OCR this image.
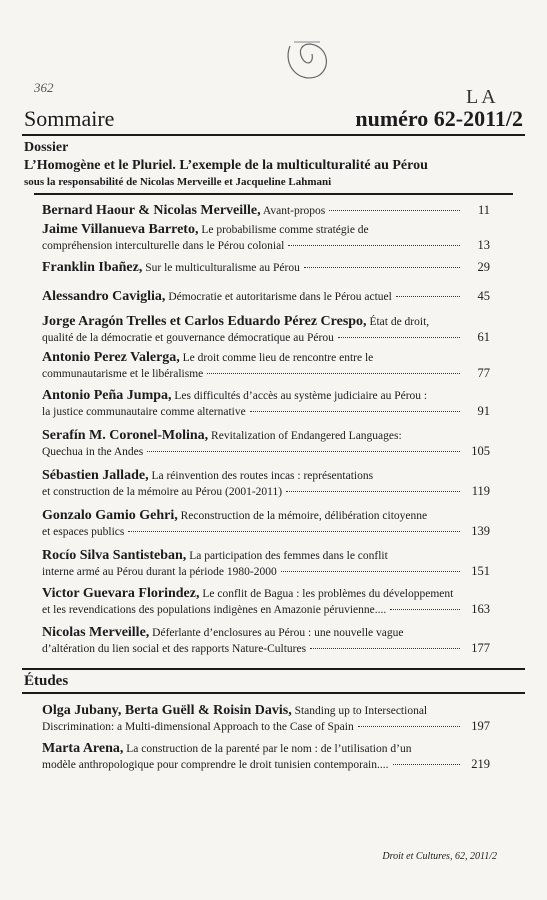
362	LA
Sommaire	numéro 62-2011/2
Dossier
L’Homogène et le Pluriel. L’exemple de la multiculturalité au Pérou
sous la responsabilité de Nicolas Merveille et Jacqueline Lahmani
Bernard Haour & Nicolas Merveille, Avant-propos	11
Jaime Villanueva Barreto, Le probabilisme comme stratégie de
compréhension interculturelle dans le Pérou colonial	13
Franklin Ibañez, Sur le multiculturalisme au Pérou	29
Alessandro Caviglia, Démocratie et autoritarisme dans le Pérou actuel	45
Jorge Aragón Trelles et Carlos Eduardo Pérez Crespo, État de droit,
qualité de la démocratie et gouvernance démocratique au Pérou	61
Antonio Perez Valerga, Le droit comme lieu de rencontre entre le
communautarisme et le libéralisme	77
Antonio Peña Jumpa, Les difficultés d’accès au système judiciaire au Pérou :
la justice communautaire comme alternative	91
Serafín M. Coronel-Molina, Revitalization of Endangered Languages:
Quechua in the Andes	105
Sébastien Jallade, La réinvention des routes incas : représentations
et construction de la mémoire au Pérou (2001-2011)	119
Gonzalo Gamio Gehri, Reconstruction de la mémoire, délibération citoyenne
et espaces publics	139
Rocío Silva Santisteban, La participation des femmes dans le conflit
interne armé au Pérou durant la période 1980-2000	151
Victor Guevara Florindez, Le conflit de Bagua : les problèmes du développement
et les revendications des populations indigènes en Amazonie péruvienne....	163
Nicolas Merveille, Déferlante d’enclosures au Pérou : une nouvelle vague
d’altération du lien social et des rapports Nature-Cultures	177
Études
Olga Jubany, Berta Guëll & Roisin Davis, Standing up to Intersectional
Discrimination: a Multi-dimensional Approach to the Case of Spain	197
Marta Arena, La construction de la parenté par le nom : de l’utilisation d’un
modèle anthropologique pour comprendre le droit tunisien contemporain....	219
Droit et Cultures, 62, 2011/2
